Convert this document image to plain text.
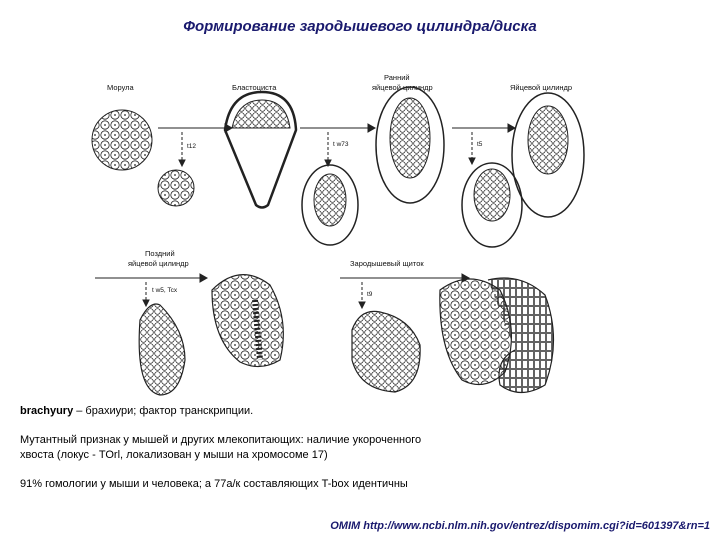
Формирование зародышевого цилиндра/диска
Морула	Бластоциста
Ранний
яйцевой цилиндр	Яйцевой цилиндр
t12	t w73	t5
Поздний
яйцевой цилиндр	Зародышевый щиток
t w5, Tcx
t9

brachyury – брахиури; фактор транскрипции.

Мутантный признак у мышей и других млекопитающих: наличие укороченного
хвоста (локус - TOrl, локализован у мыши на хромосоме 17)

91% гомологии у мыши и человека; а 77а/к составляющих T-box идентичны

OMIM http://www.ncbi.nlm.nih.gov/entrez/dispomim.cgi?id=601397&rn=1
